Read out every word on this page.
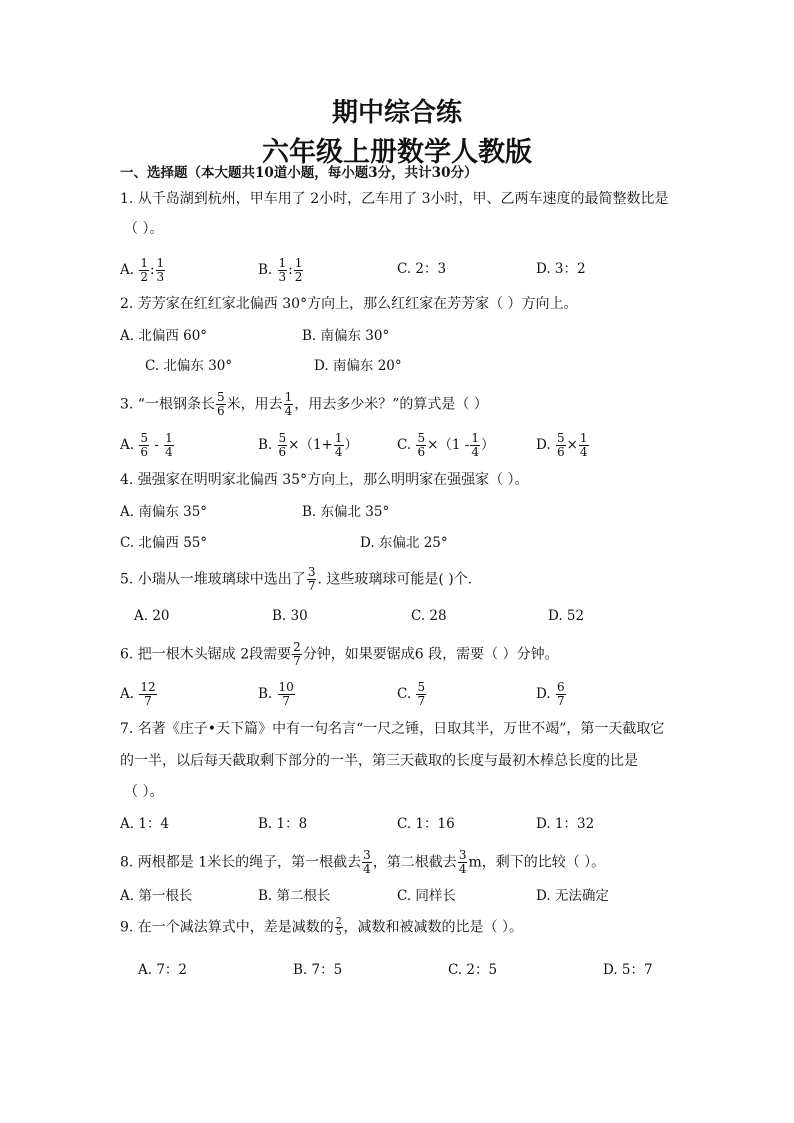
期中综合练
六年级上册数学人教版
一、选择题（本大题共10道小题，每小题3分，共计30分）
1. 从千岛湖到杭州，甲车用了 2小时，乙车用了 3小时，甲、乙两车速度的最简整数比是
（ ）。
A. $\frac{1}{2}$ : $\frac{1}{3}$	B. $\frac{1}{3}$ : $\frac{1}{2}$	C. 2：3	D. 3：2
2. 芳芳家在红红家北偏西 30°方向上，那么红红家在芳芳家（ ）方向上。
A. 北偏西 60°	B. 南偏东 30°
C. 北偏东 30°	D. 南偏东 20°
3. “一根钢条长 $\frac{5}{6}$ 米，用去 $\frac{1}{4}$ ，用去多少米？”的算式是（ ）
A. $\frac{5}{6} - \frac{1}{4}$	B. $\frac{5}{6} \times(1+ \frac{1}{4}$ ）	C. $\frac{5}{6} \times(1 - \frac{1}{4}$ ）	D. $\frac{5}{6} \times \frac{1}{4}$
4. 强强家在明明家北偏西 35°方向上，那么明明家在强强家（ ）。
A. 南偏东 35°	B. 东偏北 35°
C. 北偏西 55°	D. 东偏北 25°
5. 小瑞从一堆玻璃球中选出了 $\frac{3}{7}$ . 这些玻璃球可能是( )个.
A. 20	B. 30	C. 28	D. 52
6. 把一根木头锯成 2段需要 $\frac{2}{7}$ 分钟，如果要锯成6 段，需要（ ）分钟。
A. $\frac{12}{7}$	B. $\frac{10}{7}$	C. $\frac{5}{7}$	D. $\frac{6}{7}$
7. 名著《庄子•天下篇》中有一句名言“一尺之锤，日取其半，万世不竭”，第一天截取它
的一半，以后每天截取剩下部分的一半，第三天截取的长度与最初木棒总长度的比是
（ ）。
A. 1：4	B. 1：8	C. 1：16	D. 1：32
8. 两根都是 1米长的绳子，第一根截去 $\frac{3}{4}$ ，第二根截去 $\frac{3}{4}$ m，剩下的比较（ ）。
A. 第一根长	B. 第二根长	C. 同样长	D. 无法确定
9. 在一个减法算式中，差是减数的 $\frac{2}{5}$ ，减数和被减数的比是（ ）。
A. 7：2	B. 7：5	C. 2：5	D. 5：7
